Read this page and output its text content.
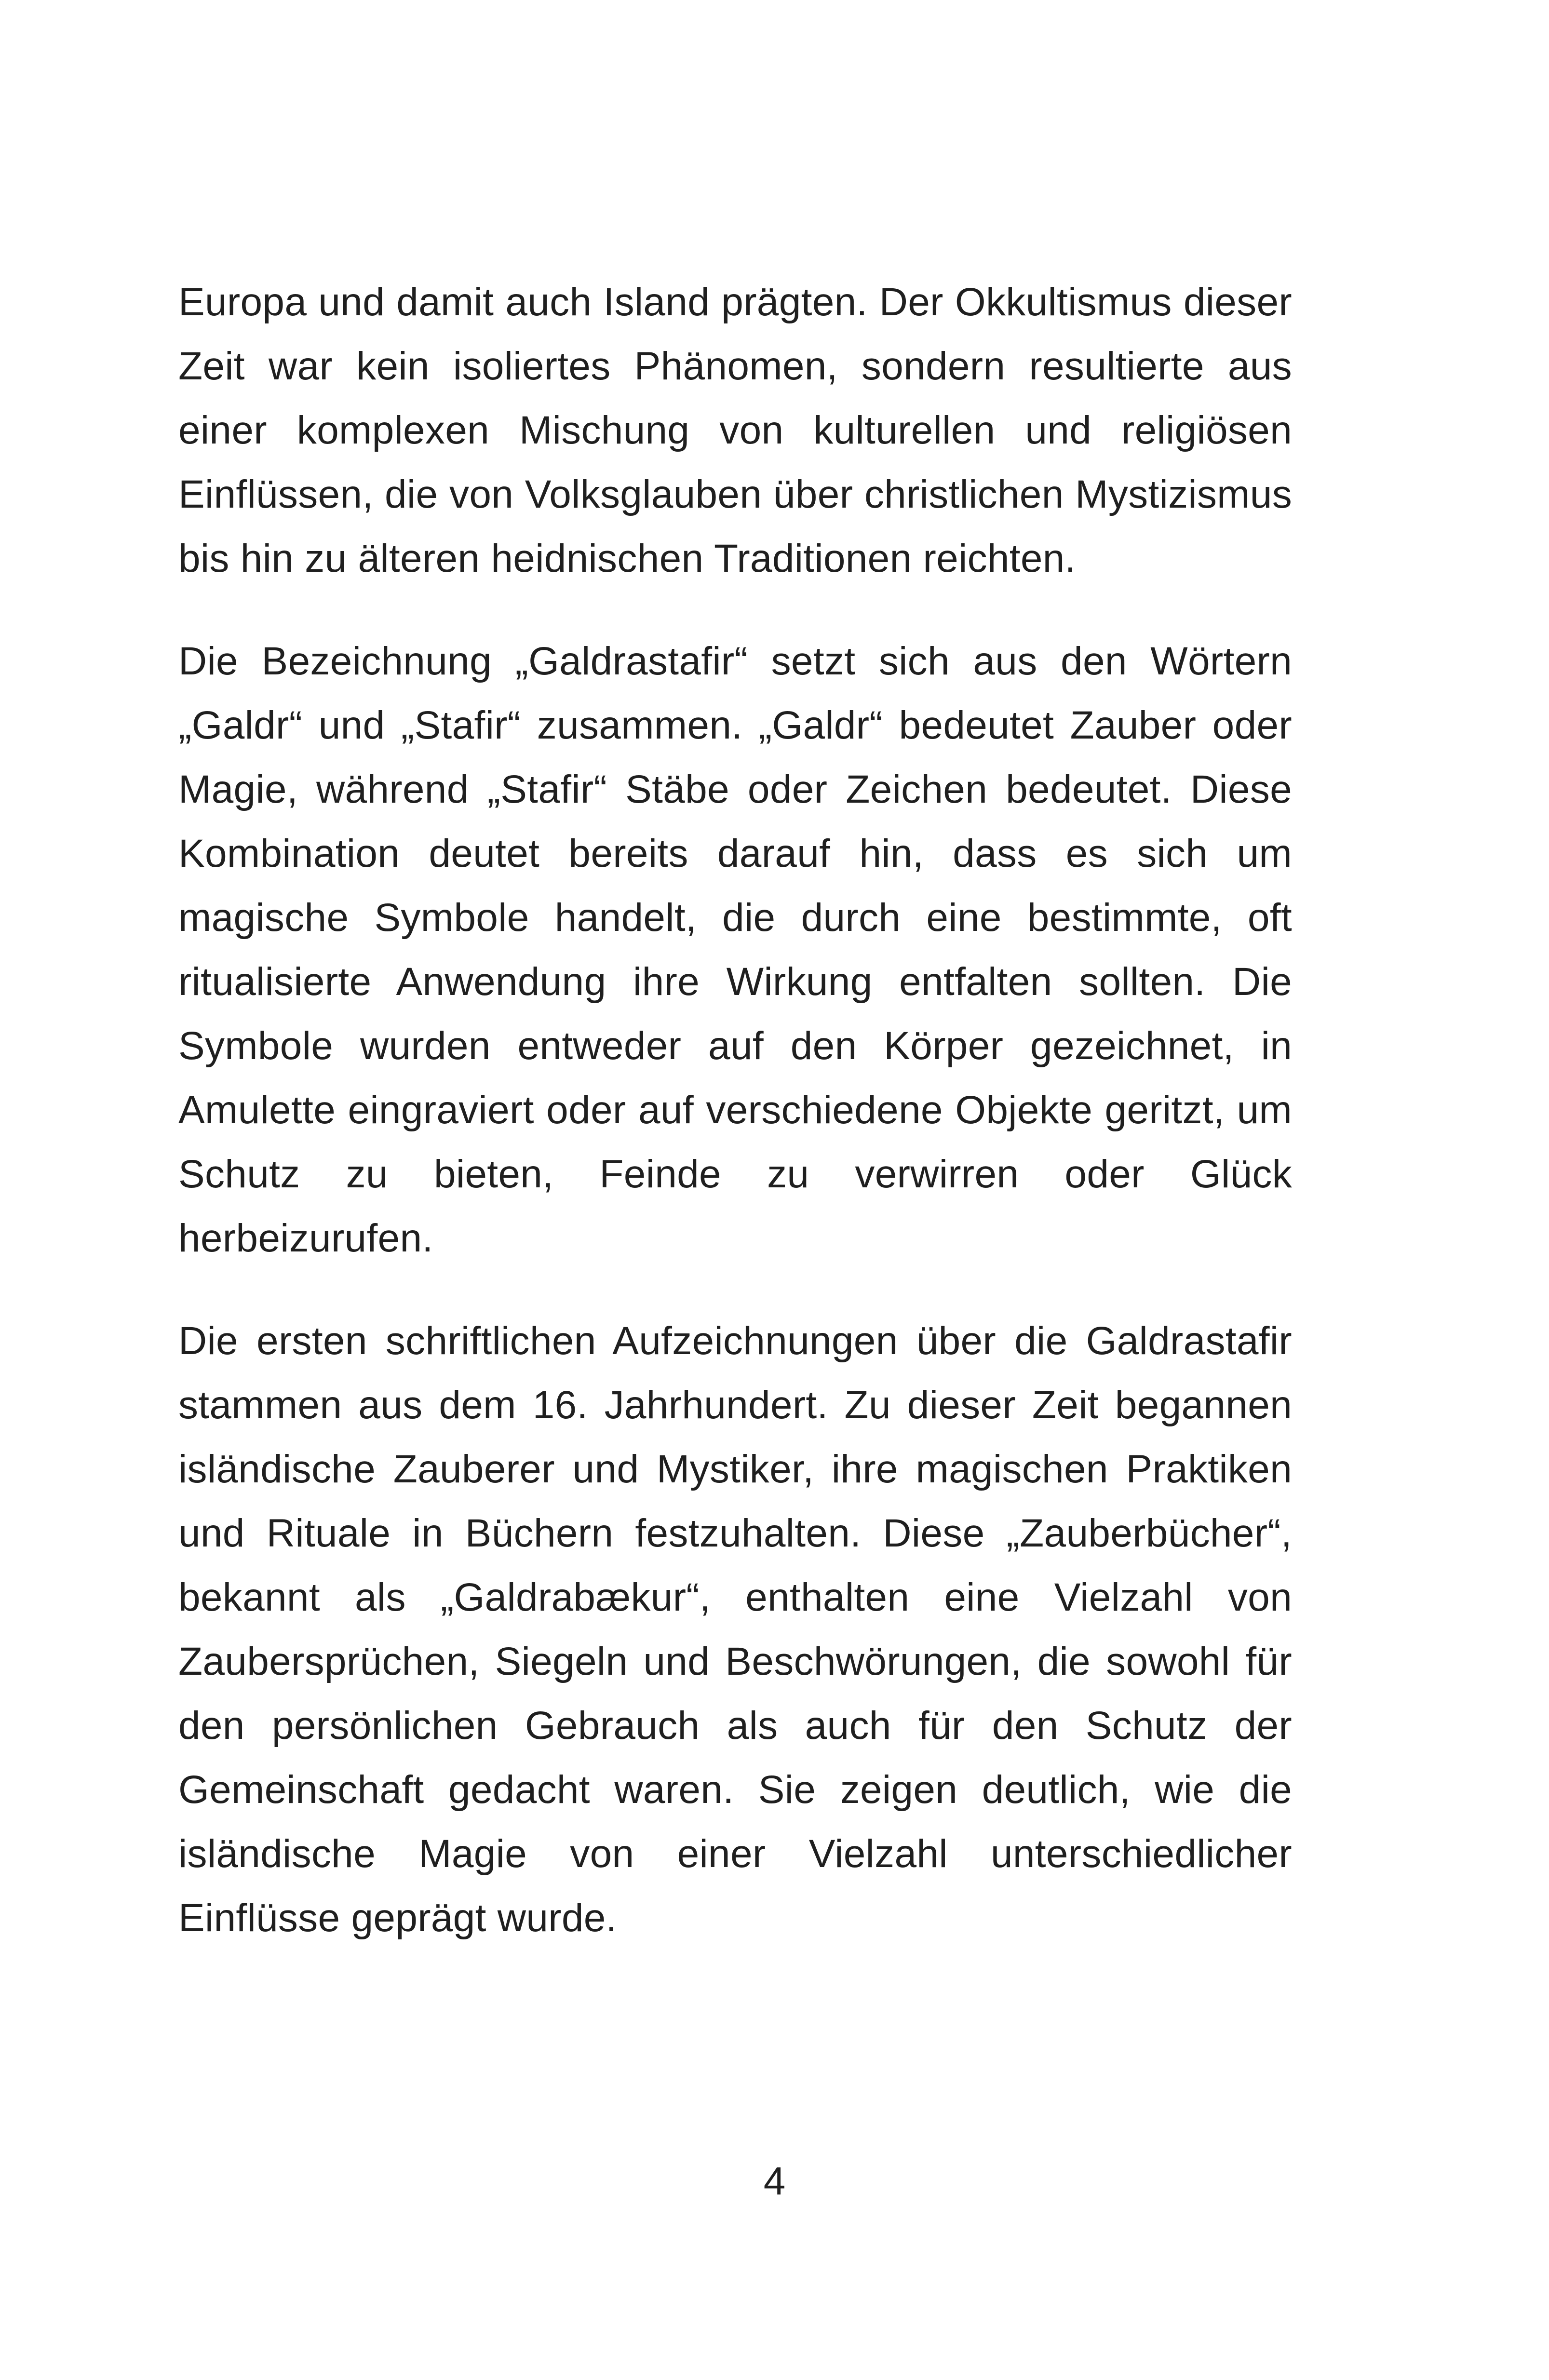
Europa und damit auch Island prägten. Der Okkultismus dieser Zeit war kein isoliertes Phänomen, sondern resultierte aus einer komplexen Mischung von kulturellen und religiösen Einflüssen, die von Volksglauben über christlichen Mystizismus bis hin zu älteren heidnischen Traditionen reichten.

Die Bezeichnung „Galdrastafir“ setzt sich aus den Wörtern „Galdr“ und „Stafir“ zusammen. „Galdr“ bedeutet Zauber oder Magie, während „Stafir“ Stäbe oder Zeichen bedeutet. Diese Kombination deutet bereits darauf hin, dass es sich um magische Symbole handelt, die durch eine bestimmte, oft ritualisierte Anwendung ihre Wirkung entfalten sollten. Die Symbole wurden entweder auf den Körper gezeichnet, in Amulette eingraviert oder auf verschiedene Objekte geritzt, um Schutz zu bieten, Feinde zu verwirren oder Glück herbeizurufen.

Die ersten schriftlichen Aufzeichnungen über die Galdrastafir stammen aus dem 16. Jahrhundert. Zu dieser Zeit begannen isländische Zauberer und Mystiker, ihre magischen Praktiken und Rituale in Büchern festzuhalten. Diese „Zauberbücher“, bekannt als „Galdrabækur“, enthalten eine Vielzahl von Zaubersprüchen, Siegeln und Beschwörungen, die sowohl für den persönlichen Gebrauch als auch für den Schutz der Gemeinschaft gedacht waren. Sie zeigen deutlich, wie die isländische Magie von einer Vielzahl unterschiedlicher Einflüsse geprägt wurde.

4
